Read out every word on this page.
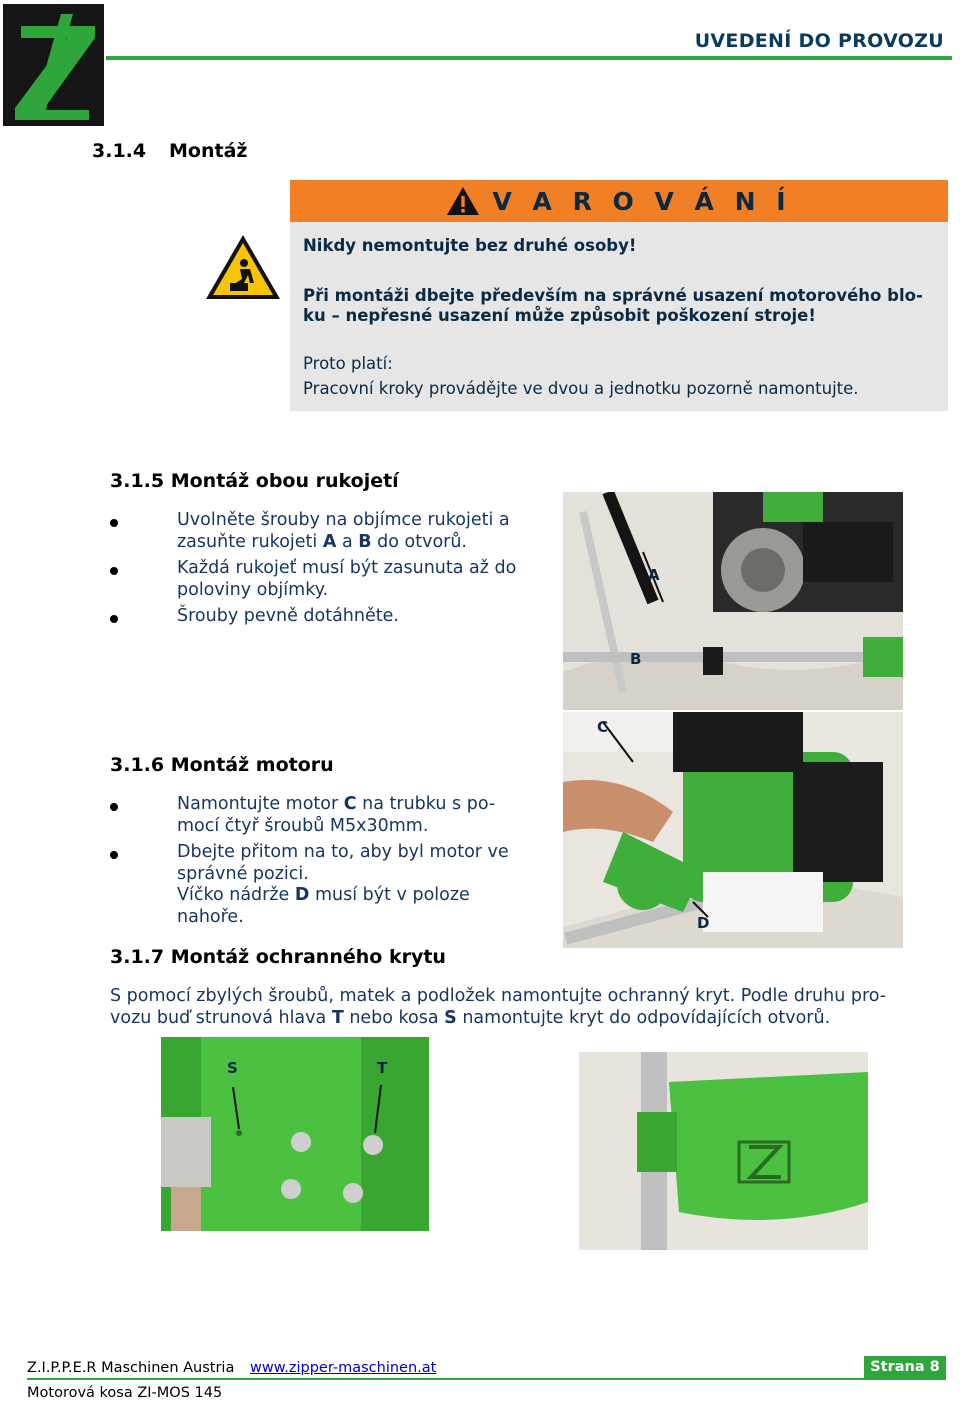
UVEDENÍ DO PROVOZU
3.1.4 Montáž
V A R O V Á N Í
Nikdy nemontujte bez druhé osoby!
Při montáži dbejte především na správné usazení motorového blo-
ku – nepřesné usazení může způsobit poškození stroje!
Proto platí:
Pracovní kroky provádějte ve dvou a jednotku pozorně namontujte.
3.1.5 Montáž obou rukojetí
Uvolněte šrouby na objímce rukojeti a
zasuňte rukojeti A a B do otvorů.
Každá rukojeť musí být zasunuta až do
poloviny objímky.
Šrouby pevně dotáhněte.
A
B
3.1.6 Montáž motoru
Namontujte motor C na trubku s po-
mocí čtyř šroubů M5x30mm.
Dbejte přitom na to, aby byl motor ve
správné pozici.
Víčko nádrže D musí být v poloze
nahoře.
C
D
3.1.7 Montáž ochranného krytu
S pomocí zbylých šroubů, matek a podložek namontujte ochranný kryt. Podle druhu pro-
vozu buď strunová hlava T nebo kosa S namontujte kryt do odpovídajících otvorů.
S	T
Z.I.P.P.E.R Maschinen Austria www.zipper-maschinen.at	Strana 8
Motorová kosa ZI-MOS 145
